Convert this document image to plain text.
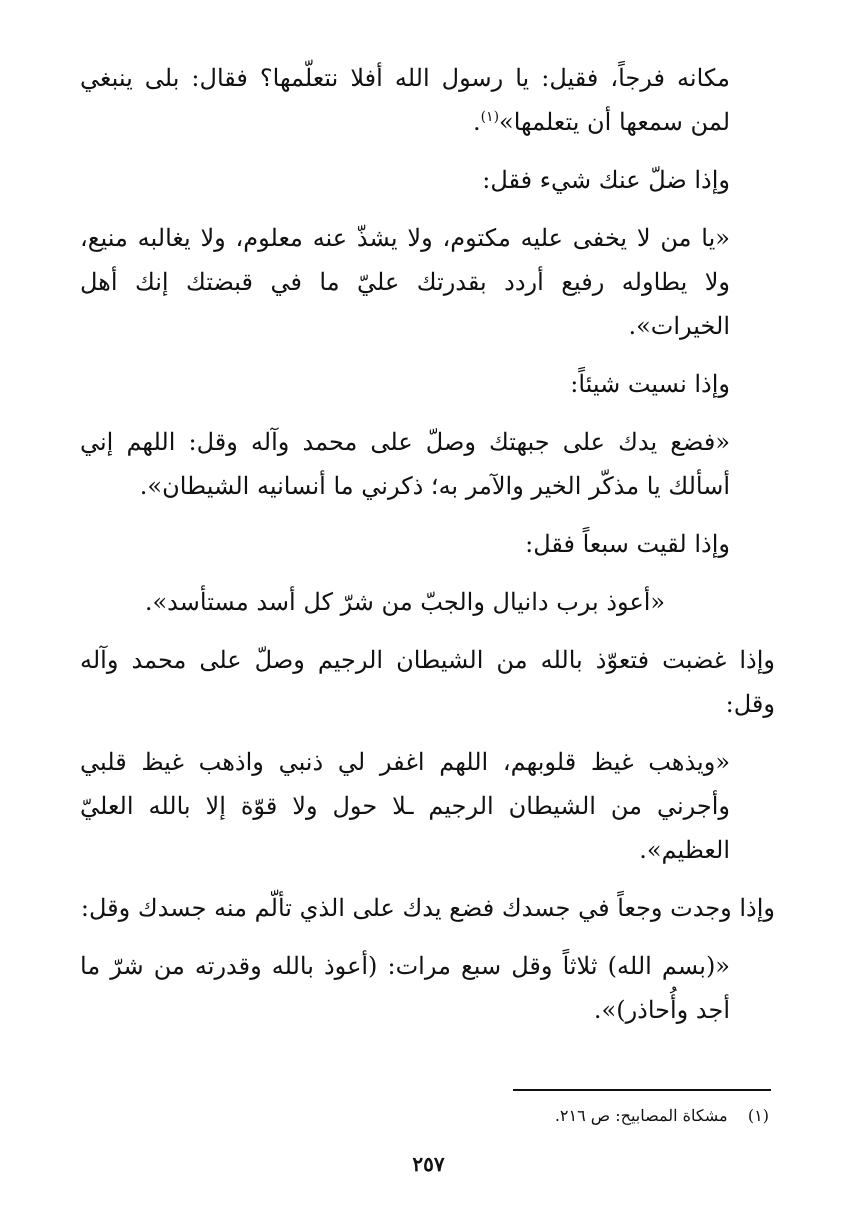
مكانه فرجاً، فقيل: يا رسول الله أفلا نتعلّمها؟ فقال: بلى ينبغي لمن سمعها أن يتعلمها»$^{(١)}$.

وإذا ضلّ عنك شيء فقل:

«يا من لا يخفى عليه مكتوم، ولا يشذّ عنه معلوم، ولا يغالبه منيع، ولا يطاوله رفيع أردد بقدرتك عليّ ما في قبضتك إنك أهل الخيرات».

وإذا نسيت شيئاً:

«فضع يدك على جبهتك وصلّ على محمد وآله وقل: اللهم إني أسألك يا مذكّر الخير والآمر به؛ ذكرني ما أنسانيه الشيطان».

وإذا لقيت سبعاً فقل:

«أعوذ برب دانيال والجبّ من شرّ كل أسد مستأسد».

وإذا غضبت فتعوّذ بالله من الشيطان الرجيم وصلّ على محمد وآله وقل:

«ويذهب غيظ قلوبهم، اللهم اغفر لي ذنبي واذهب غيظ قلبي وأجرني من الشيطان الرجيم ـلا حول ولا قوّة إلا بالله العليّ العظيم».

وإذا وجدت وجعاً في جسدك فضع يدك على الذي تألّم منه جسدك وقل:

«(بسم الله) ثلاثاً وقل سبع مرات: (أعوذ بالله وقدرته من شرّ ما أجد وأُحاذر)».

(١)    مشكاة المصابيح: ص ٢١٦.
٢٥٧
